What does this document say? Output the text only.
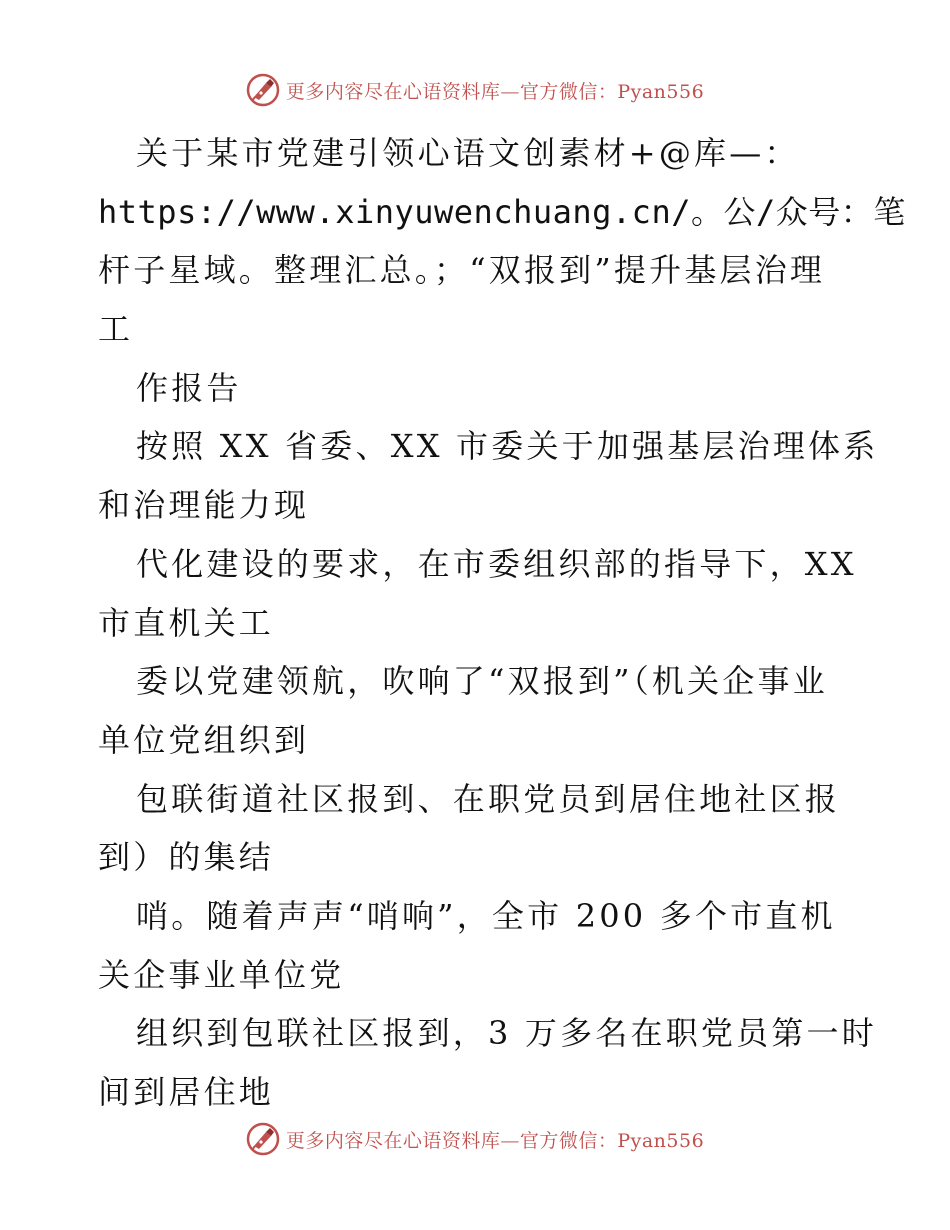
更多内容尽在心语资料库—官方微信：Pyan556
关于某市党建引领心语文创素材+@库—：
https://www.xinyuwenchuang.cn/。公/众号：笔
杆子星域。整理汇总。；“双报到”提升基层治理
工
作报告
按照 XX 省委、XX 市委关于加强基层治理体系
和治理能力现
代化建设的要求，在市委组织部的指导下，XX
市直机关工
委以党建领航，吹响了“双报到”（机关企事业
单位党组织到
包联街道社区报到、在职党员到居住地社区报
到）的集结
哨。随着声声“哨响”，全市 200 多个市直机
关企事业单位党
组织到包联社区报到，3 万多名在职党员第一时
间到居住地
更多内容尽在心语资料库—官方微信：Pyan556
